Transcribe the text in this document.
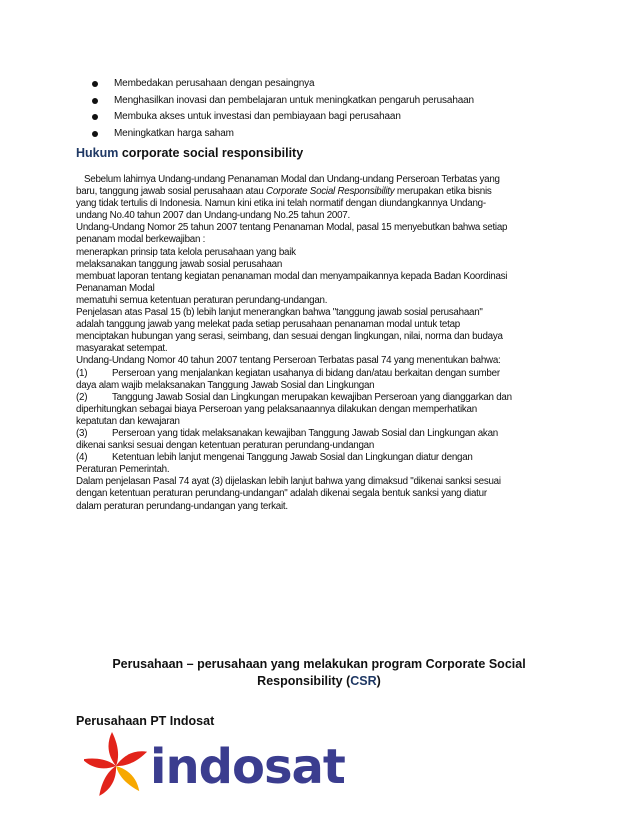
Membedakan perusahaan dengan pesaingnya
Menghasilkan inovasi dan pembelajaran untuk meningkatkan pengaruh perusahaan
Membuka akses untuk investasi dan pembiayaan bagi perusahaan
Meningkatkan harga saham
Hukum corporate social responsibility

Sebelum lahirnya Undang-undang Penanaman Modal dan Undang-undang Perseroan Terbatas yang

baru, tanggung jawab sosial perusahaan atau Corporate Social Responsibility merupakan etika bisnis

yang tidak tertulis di Indonesia. Namun kini etika ini telah normatif dengan diundangkannya Undang-

undang No.40 tahun 2007 dan Undang-undang No.25 tahun 2007.

Undang-Undang Nomor 25 tahun 2007 tentang Penanaman Modal, pasal 15 menyebutkan bahwa setiap

penanam modal berkewajiban :

menerapkan prinsip tata kelola perusahaan yang baik

melaksanakan tanggung jawab sosial perusahaan

membuat laporan tentang kegiatan penanaman modal dan menyampaikannya kepada Badan Koordinasi

Penanaman Modal

mematuhi semua ketentuan peraturan perundang-undangan.

Penjelasan atas Pasal 15 (b) lebih lanjut menerangkan bahwa "tanggung jawab sosial perusahaan"

adalah tanggung jawab yang melekat pada setiap perusahaan penanaman modal untuk tetap

menciptakan hubungan yang serasi, seimbang, dan sesuai dengan lingkungan, nilai, norma dan budaya

masyarakat setempat.

Undang-Undang Nomor 40 tahun 2007 tentang Perseroan Terbatas pasal 74 yang menentukan bahwa:

(1)	Perseroan yang menjalankan kegiatan usahanya di bidang dan/atau berkaitan dengan sumber

daya alam wajib melaksanakan Tanggung Jawab Sosial dan Lingkungan

(2)	Tanggung Jawab Sosial dan Lingkungan merupakan kewajiban Perseroan yang dianggarkan dan

diperhitungkan sebagai biaya Perseroan yang pelaksanaannya dilakukan dengan memperhatikan

kepatutan dan kewajaran

(3)	Perseroan yang tidak melaksanakan kewajiban Tanggung Jawab Sosial dan Lingkungan akan

dikenai sanksi sesuai dengan ketentuan peraturan perundang-undangan

(4)	Ketentuan lebih lanjut mengenai Tanggung Jawab Sosial dan Lingkungan diatur dengan

Peraturan Pemerintah.

Dalam penjelasan Pasal 74 ayat (3) dijelaskan lebih lanjut bahwa yang dimaksud "dikenai sanksi sesuai

dengan ketentuan peraturan perundang-undangan" adalah dikenai segala bentuk sanksi yang diatur

dalam peraturan perundang-undangan yang terkait.

Perusahaan – perusahaan yang melakukan program Corporate Social
Responsibility (CSR)
Perusahaan PT Indosat
indosat
